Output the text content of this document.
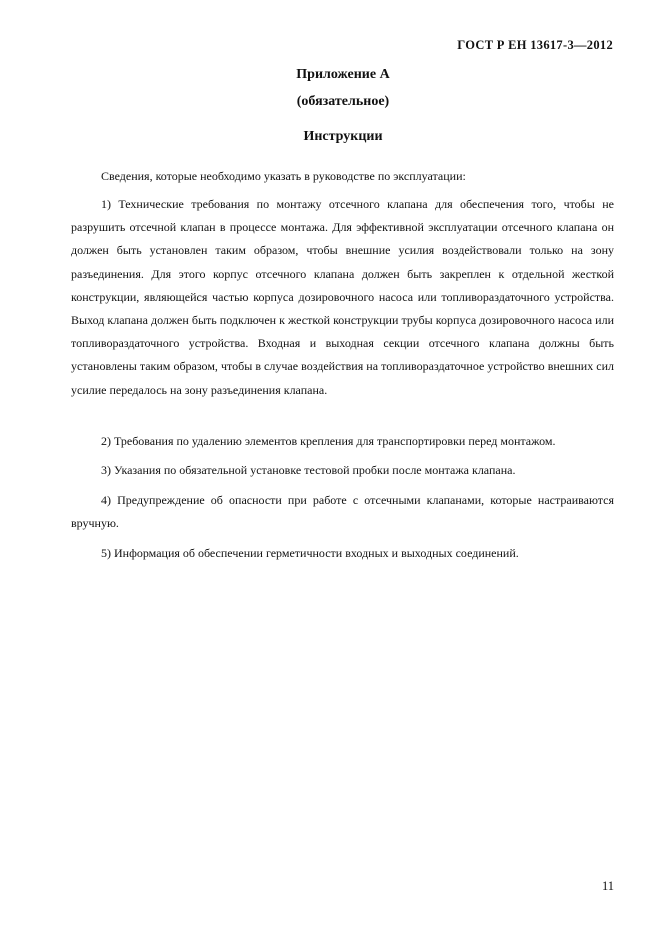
ГОСТ Р ЕН 13617-3—2012
Приложение А
(обязательное)
Инструкции

Сведения, которые необходимо указать в руководстве по эксплуатации:

1) Технические требования по монтажу отсечного клапана для обеспечения того, чтобы не разрушить отсечной клапан в процессе монтажа. Для эффективной эксплуатации отсечного клапана он должен быть установлен таким образом, чтобы внешние усилия воздействовали только на зону разъединения. Для этого корпус отсечного клапана должен быть закреплен к отдельной жесткой конструкции, являющейся частью корпуса дозировочного насоса или топливораздаточного устройства. Выход клапана должен быть подключен к жесткой конструкции трубы корпуса дозировочного насоса или топливораздаточного устройства. Входная и выходная секции отсечного клапана должны быть установлены таким образом, чтобы в случае воздействия на топливораздаточное устройство внешних сил усилие передалось на зону разъединения клапана.

2) Требования по удалению элементов крепления для транспортировки перед монтажом.

3) Указания по обязательной установке тестовой пробки после монтажа клапана.

4) Предупреждение об опасности при работе с отсечными клапанами, которые настраиваются вручную.

5) Информация об обеспечении герметичности входных и выходных соединений.

11
